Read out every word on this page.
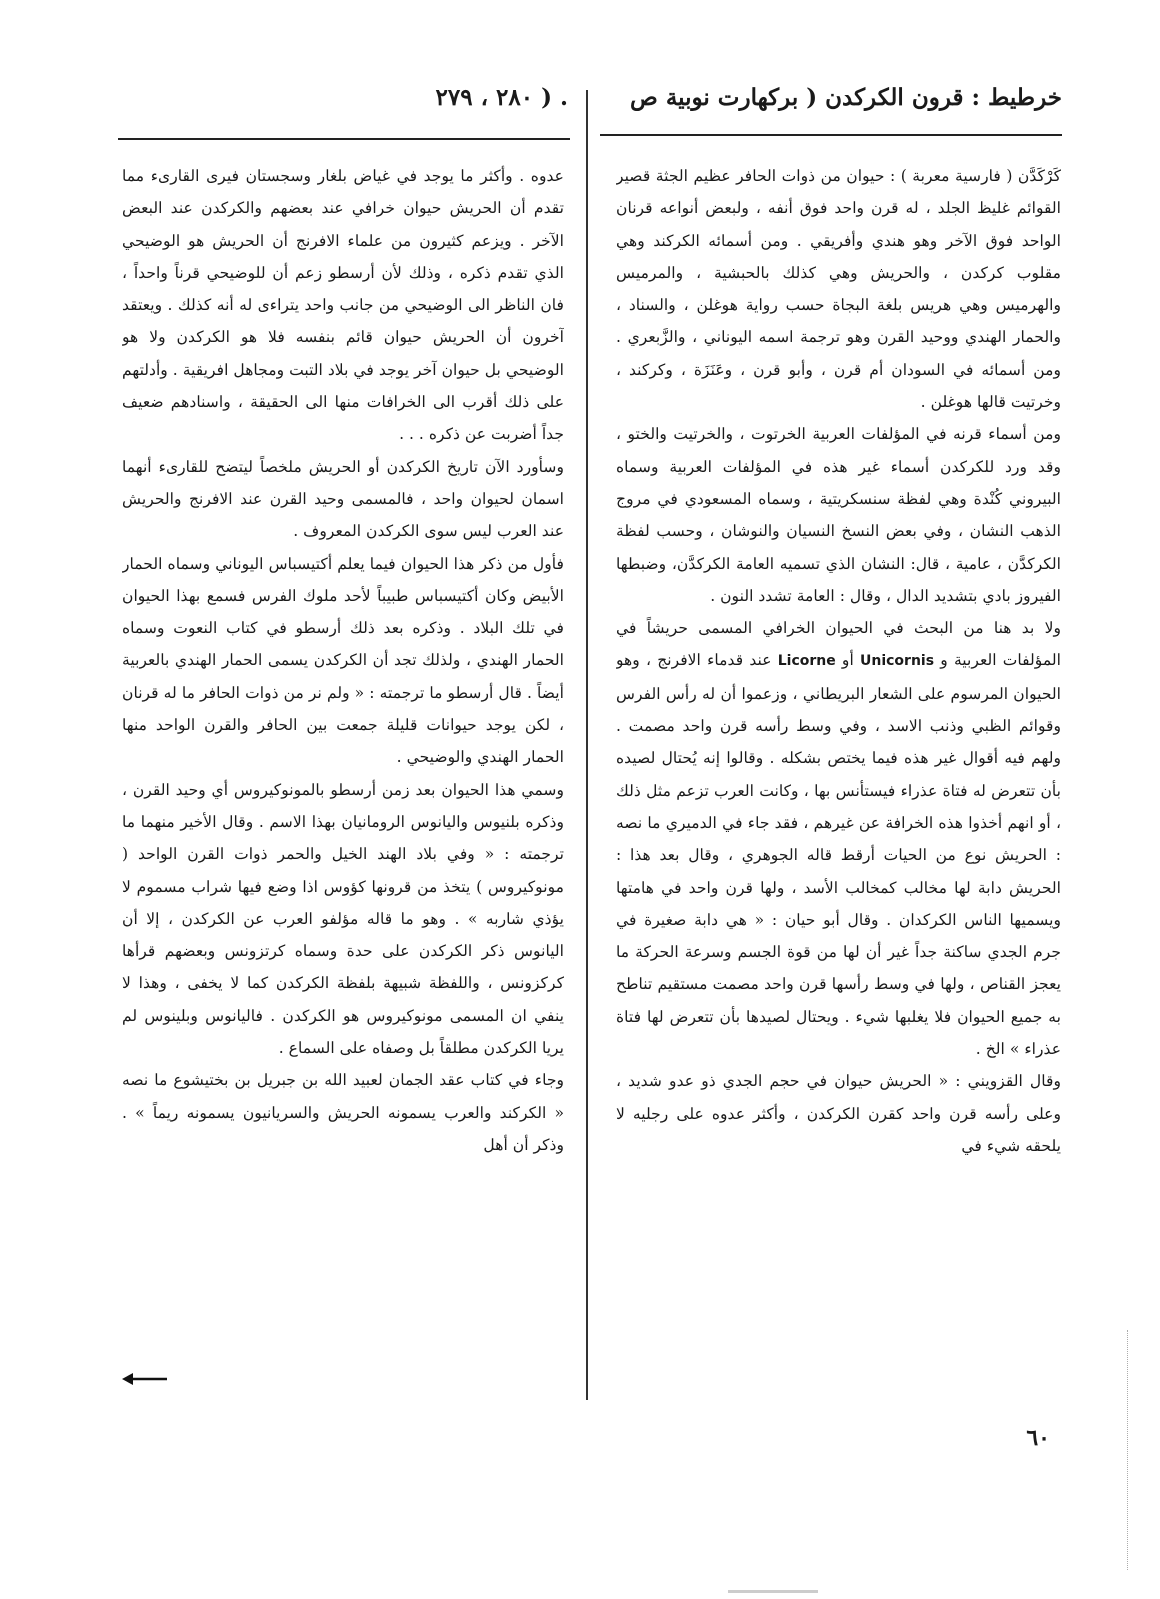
خرطيط : قرون الكركدن ( بركهارت نوبية ص
. ( ٢٨٠ ، ٢٧٩

كَرْكَدَّن ( فارسية معربة ) : حيوان من ذوات الحافر عظيم الجثة قصير القوائم غليظ الجلد ، له قرن واحد فوق أنفه ، ولبعض أنواعه قرنان الواحد فوق الآخر وهو هندي وأفريقي . ومن أسمائه الكركند وهي مقلوب كركدن ، والحريش وهي كذلك بالحبشية ، والمرميس والهرميس وهي هريس بلغة البجاة حسب رواية هوغلن ، والسناد ، والحمار الهندي ووحيد القرن وهو ترجمة اسمه اليوناني ، والزَّبعري . ومن أسمائه في السودان أم قرن ، وأبو قرن ، وعَنَزَة ، وكركند ، وخرتيت قالها هوغلن .

ومن أسماء قرنه في المؤلفات العربية الخرتوت ، والخرتيت والختو ، وقد ورد للكركدن أسماء غير هذه في المؤلفات العربية وسماه البيروني كُنْدة وهي لفظة سنسكريتية ، وسماه المسعودي في مروج الذهب النشان ، وفي بعض النسخ النسيان والنوشان ، وحسب لفظة الكركدَّن ، عامية ، قال: النشان الذي تسميه العامة الكركدَّن، وضبطها الفيروز بادي بتشديد الدال ، وقال : العامة تشدد النون .

ولا بد هنا من البحث في الحيوان الخرافي المسمى حريشاً في المؤلفات العربية و Unicornis أو Licorne عند قدماء الافرنج ، وهو الحيوان المرسوم على الشعار البريطاني ، وزعموا أن له رأس الفرس وقوائم الظبي وذنب الاسد ، وفي وسط رأسه قرن واحد مصمت . ولهم فيه أقوال غير هذه فيما يختص بشكله . وقالوا إنه يُحتال لصيده بأن تتعرض له فتاة عذراء فيستأنس بها ، وكانت العرب تزعم مثل ذلك ، أو انهم أخذوا هذه الخرافة عن غيرهم ، فقد جاء في الدميري ما نصه : الحريش نوع من الحيات أرقط قاله الجوهري ، وقال بعد هذا : الحريش دابة لها مخالب كمخالب الأسد ، ولها قرن واحد في هامتها ويسميها الناس الكركدان . وقال أبو حيان : « هي دابة صغيرة في جرم الجدي ساكنة جداً غير أن لها من قوة الجسم وسرعة الحركة ما يعجز القناص ، ولها في وسط رأسها قرن واحد مصمت مستقيم تناطح به جميع الحيوان فلا يغلبها شيء . ويحتال لصيدها بأن تتعرض لها فتاة عذراء » الخ .

وقال القزويني : « الحريش حيوان في حجم الجدي ذو عدو شديد ، وعلى رأسه قرن واحد كقرن الكركدن ، وأكثر عدوه على رجليه لا يلحقه شيء في

عدوه . وأكثر ما يوجد في غياض بلغار وسجستان فيرى القارىء مما تقدم أن الحريش حيوان خرافي عند بعضهم والكركدن عند البعض الآخر . ويزعم كثيرون من علماء الافرنج أن الحريش هو الوضيحي الذي تقدم ذكره ، وذلك لأن أرسطو زعم أن للوضيحي قرناً واحداً ، فان الناظر الى الوضيحي من جانب واحد يتراءى له أنه كذلك . ويعتقد آخرون أن الحريش حيوان قائم بنفسه فلا هو الكركدن ولا هو الوضيحي بل حيوان آخر يوجد في بلاد التبت ومجاهل افريقية . وأدلتهم على ذلك أقرب الى الخرافات منها الى الحقيقة ، واسنادهم ضعيف جداً أضربت عن ذكره . . .

وسأورد الآن تاريخ الكركدن أو الحريش ملخصاً ليتضح للقارىء أنهما اسمان لحيوان واحد ، فالمسمى وحيد القرن عند الافرنج والحريش عند العرب ليس سوى الكركدن المعروف .

فأول من ذكر هذا الحيوان فيما يعلم أكتيسباس اليوناني وسماه الحمار الأبيض وكان أكتيسباس طبيباً لأحد ملوك الفرس فسمع بهذا الحيوان في تلك البلاد . وذكره بعد ذلك أرسطو في كتاب النعوت وسماه الحمار الهندي ، ولذلك تجد أن الكركدن يسمى الحمار الهندي بالعربية أيضاً . قال أرسطو ما ترجمته : « ولم نر من ذوات الحافر ما له قرنان ، لكن يوجد حيوانات قليلة جمعت بين الحافر والقرن الواحد منها الحمار الهندي والوضيحي .

وسمي هذا الحيوان بعد زمن أرسطو بالمونوكيروس أي وحيد القرن ، وذكره بلنيوس واليانوس الرومانيان بهذا الاسم . وقال الأخير منهما ما ترجمته : « وفي بلاد الهند الخيل والحمر ذوات القرن الواحد ( مونوكيروس ) يتخذ من قرونها كؤوس اذا وضع فيها شراب مسموم لا يؤذي شاربه » . وهو ما قاله مؤلفو العرب عن الكركدن ، إلا أن اليانوس ذكر الكركدن على حدة وسماه كرتزونس وبعضهم قرأها كركزونس ، واللفظة شبيهة بلفظة الكركدن كما لا يخفى ، وهذا لا ينفي ان المسمى مونوكيروس هو الكركدن . فاليانوس وبلينوس لم يريا الكركدن مطلقاً بل وصفاه على السماع .

وجاء في كتاب عقد الجمان لعبيد الله بن جبريل بن بختيشوع ما نصه « الكركند والعرب يسمونه الحريش والسريانيون يسمونه ريماً » . وذكر أن أهل

٦٠
